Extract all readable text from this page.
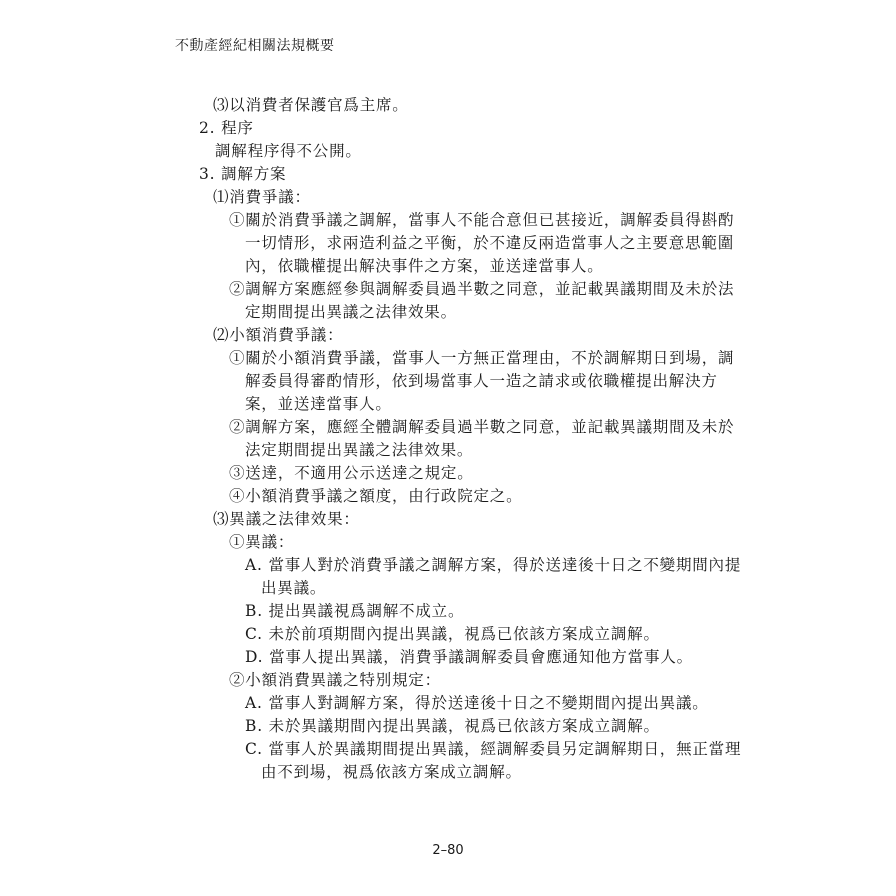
不動產經紀相關法規概要
⑶以消費者保護官爲主席。
2. 程序
調解程序得不公開。
3. 調解方案
⑴消費爭議：
①關於消費爭議之調解，當事人不能合意但已甚接近，調解委員得斟酌
一切情形，求兩造利益之平衡，於不違反兩造當事人之主要意思範圍
內，依職權提出解決事件之方案，並送達當事人。
②調解方案應經參與調解委員過半數之同意，並記載異議期間及未於法
定期間提出異議之法律效果。
⑵小額消費爭議：
①關於小額消費爭議，當事人一方無正當理由，不於調解期日到場，調
解委員得審酌情形，依到場當事人一造之請求或依職權提出解決方
案，並送達當事人。
②調解方案，應經全體調解委員過半數之同意，並記載異議期間及未於
法定期間提出異議之法律效果。
③送達，不適用公示送達之規定。
④小額消費爭議之額度，由行政院定之。
⑶異議之法律效果：
①異議：
A. 當事人對於消費爭議之調解方案，得於送達後十日之不變期間內提
出異議。
B. 提出異議視爲調解不成立。
C. 未於前項期間內提出異議，視爲已依該方案成立調解。
D. 當事人提出異議，消費爭議調解委員會應通知他方當事人。
②小額消費異議之特別規定：
A. 當事人對調解方案，得於送達後十日之不變期間內提出異議。
B. 未於異議期間內提出異議，視爲已依該方案成立調解。
C. 當事人於異議期間提出異議，經調解委員另定調解期日，無正當理
由不到場，視爲依該方案成立調解。
2–80
